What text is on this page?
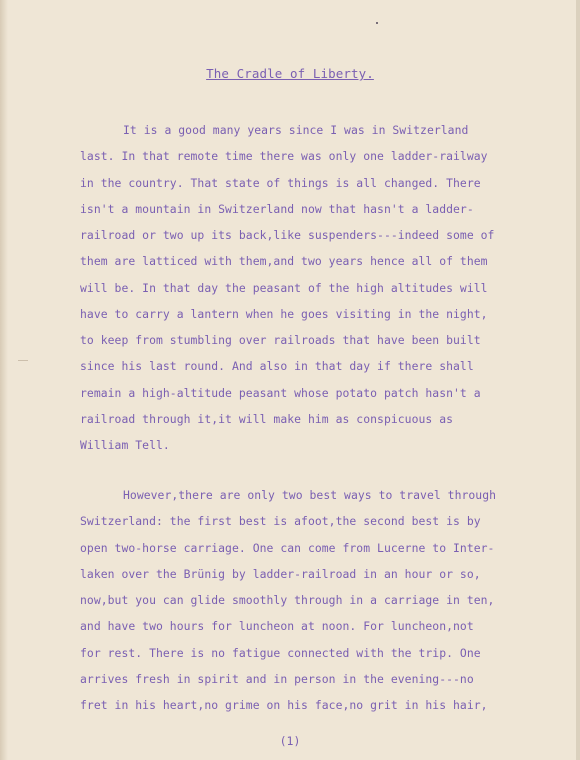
The Cradle of Liberty.
It is a good many years since I was in Switzerland
last. In that remote time there was only one ladder-railway
in the country. That state of things is all changed. There
isn't a mountain in Switzerland now that hasn't a ladder-
railroad or two up its back,like suspenders---indeed some of
them are latticed with them,and two years hence all of them
will be. In that day the peasant of the high altitudes will
have to carry a lantern when he goes visiting in the night,
to keep from stumbling over railroads that have been built
since his last round. And also in that day if there shall
remain a high-altitude peasant whose potato patch hasn't a
railroad through it,it will make him as conspicuous as
William Tell.
However,there are only two best ways to travel through
Switzerland: the first best is afoot,the second best is by
open two-horse carriage. One can come from Lucerne to Inter-
laken over the Brünig by ladder-railroad in an hour or so,
now,but you can glide smoothly through in a carriage in ten,
and have two hours for luncheon at noon. For luncheon,not
for rest. There is no fatigue connected with the trip. One
arrives fresh in spirit and in person in the evening---no
fret in his heart,no grime on his face,no grit in his hair,
(1)
